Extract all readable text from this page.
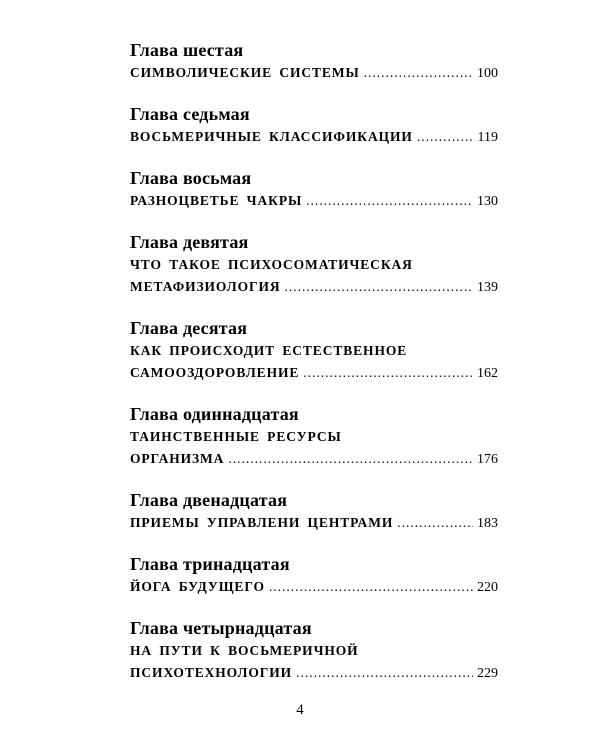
Глава шестая
СИМВОЛИЧЕСКИЕ СИСТЕМЫ .....	100
Глава седьмая
ВОСЬМЕРИЧНЫЕ КЛАССИФИКАЦИИ .....	119
Глава восьмая
РАЗНОЦВЕТЬЕ ЧАКРЫ .....	130
Глава девятая
ЧТО ТАКОЕ ПСИХОСОМАТИЧЕСКАЯ
МЕТАФИЗИОЛОГИЯ .....	139
Глава десятая
КАК ПРОИСХОДИТ ЕСТЕСТВЕННОЕ
САМООЗДОРОВЛЕНИЕ .....	162
Глава одиннадцатая
ТАИНСТВЕННЫЕ РЕСУРСЫ
ОРГАНИЗМА .....	176
Глава двенадцатая
ПРИЕМЫ УПРАВЛЕНИ ЦЕНТРАМИ .....	183
Глава тринадцатая
ЙОГА БУДУЩЕГО .....	220
Глава четырнадцатая
НА ПУТИ К ВОСЬМЕРИЧНОЙ
ПСИХОТЕХНОЛОГИИ .....	229
4
